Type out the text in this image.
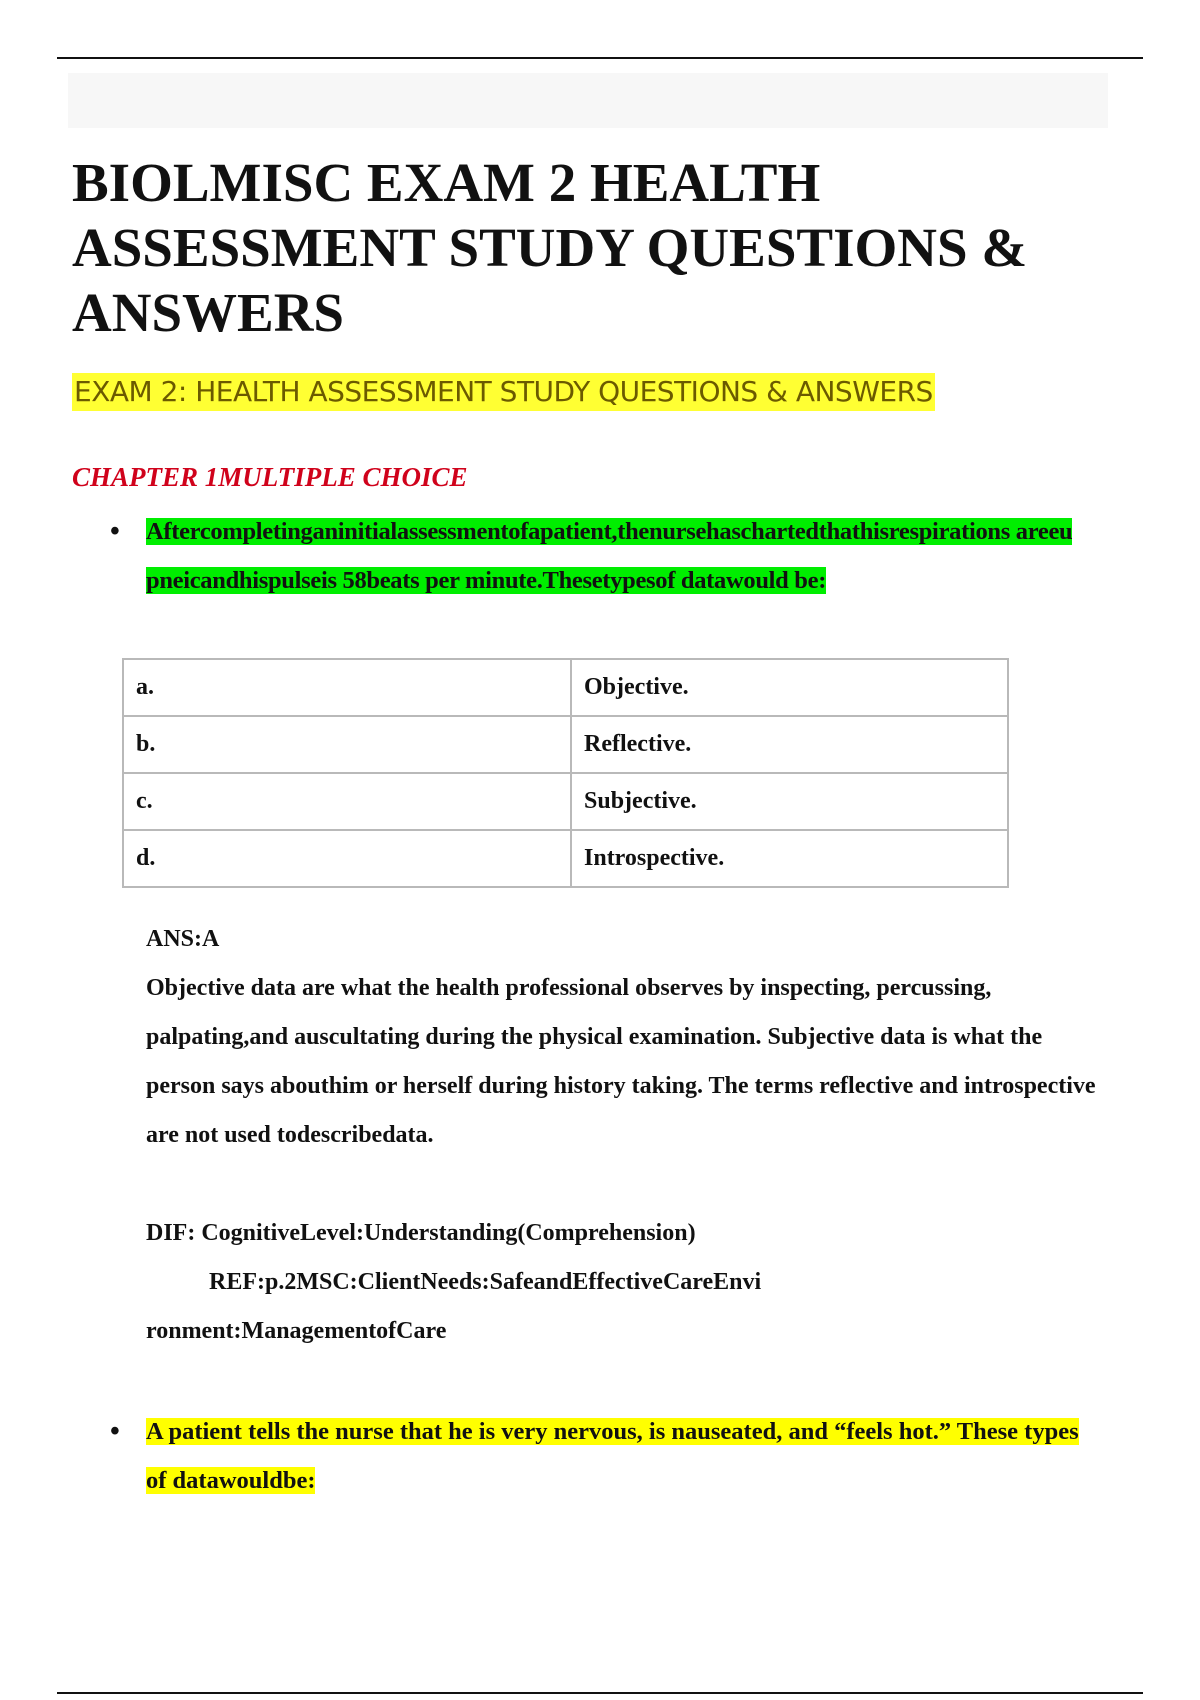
BIOLMISC EXAM 2 HEALTH ASSESSMENT STUDY QUESTIONS & ANSWERS
EXAM 2: HEALTH ASSESSMENT STUDY QUESTIONS & ANSWERS
CHAPTER 1MULTIPLE CHOICE
• Aftercompletinganinitialassessmentofapatient,thenursehaschartedthathisrespirations areeupneicandhispulseis 58beats per minute.Thesetypesof datawould be:
a.	Objective.
b.	Reflective.
c.	Subjective.
d.	Introspective.

ANS:A

Objective data are what the health professional observes by inspecting, percussing, palpating,and auscultating during the physical examination. Subjective data is what the person says abouthim or herself during history taking. The terms reflective and introspective are not used todescribedata.

DIF: CognitiveLevel:Understanding(Comprehension)

REF:p.2MSC:ClientNeeds:SafeandEffectiveCareEnvi

ronment:ManagementofCare

• A patient tells the nurse that he is very nervous, is nauseated, and “feels hot.” These types of datawouldbe:
